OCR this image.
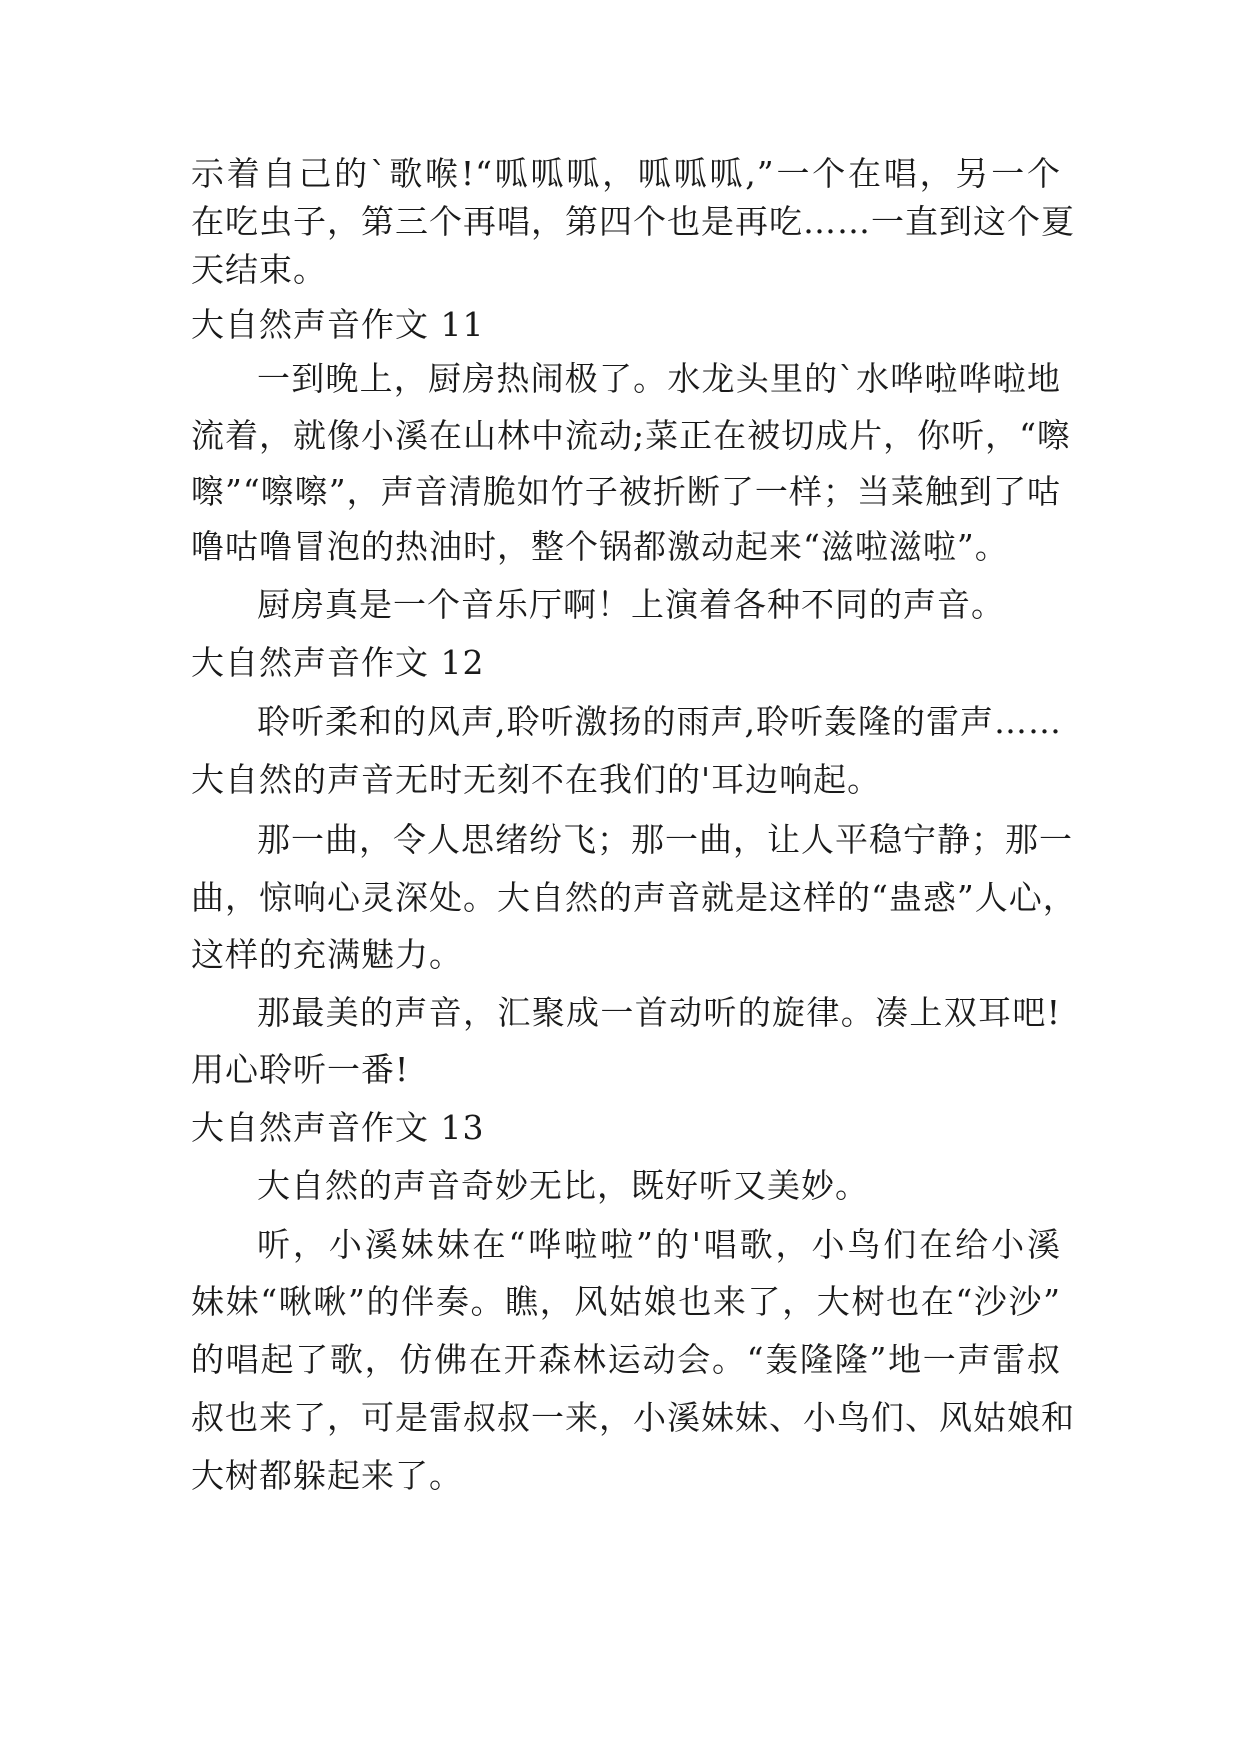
示着自己的`歌喉!“呱呱呱，呱呱呱,”一个在唱，另一个

在吃虫子，第三个再唱，第四个也是再吃……一直到这个夏

天结束。

大自然声音作文 11

一到晚上，厨房热闹极了。水龙头里的`水哗啦哗啦地

流着，就像小溪在山林中流动;菜正在被切成片，你听，“嚓

嚓”“嚓嚓”，声音清脆如竹子被折断了一样；当菜触到了咕

噜咕噜冒泡的热油时，整个锅都激动起来“滋啦滋啦”。

厨房真是一个音乐厅啊！上演着各种不同的声音。

大自然声音作文 12

聆听柔和的风声,聆听激扬的雨声,聆听轰隆的雷声……

大自然的声音无时无刻不在我们的'耳边响起。

那一曲，令人思绪纷飞；那一曲，让人平稳宁静；那一

曲，惊响心灵深处。大自然的声音就是这样的“蛊惑”人心，

这样的充满魅力。

那最美的声音，汇聚成一首动听的旋律。凑上双耳吧!

用心聆听一番!

大自然声音作文 13

大自然的声音奇妙无比，既好听又美妙。

听，小溪妹妹在“哗啦啦”的'唱歌，小鸟们在给小溪

妹妹“啾啾”的伴奏。瞧，风姑娘也来了，大树也在“沙沙”

的唱起了歌，仿佛在开森林运动会。“轰隆隆”地一声雷叔

叔也来了，可是雷叔叔一来，小溪妹妹、小鸟们、风姑娘和

大树都躲起来了。
